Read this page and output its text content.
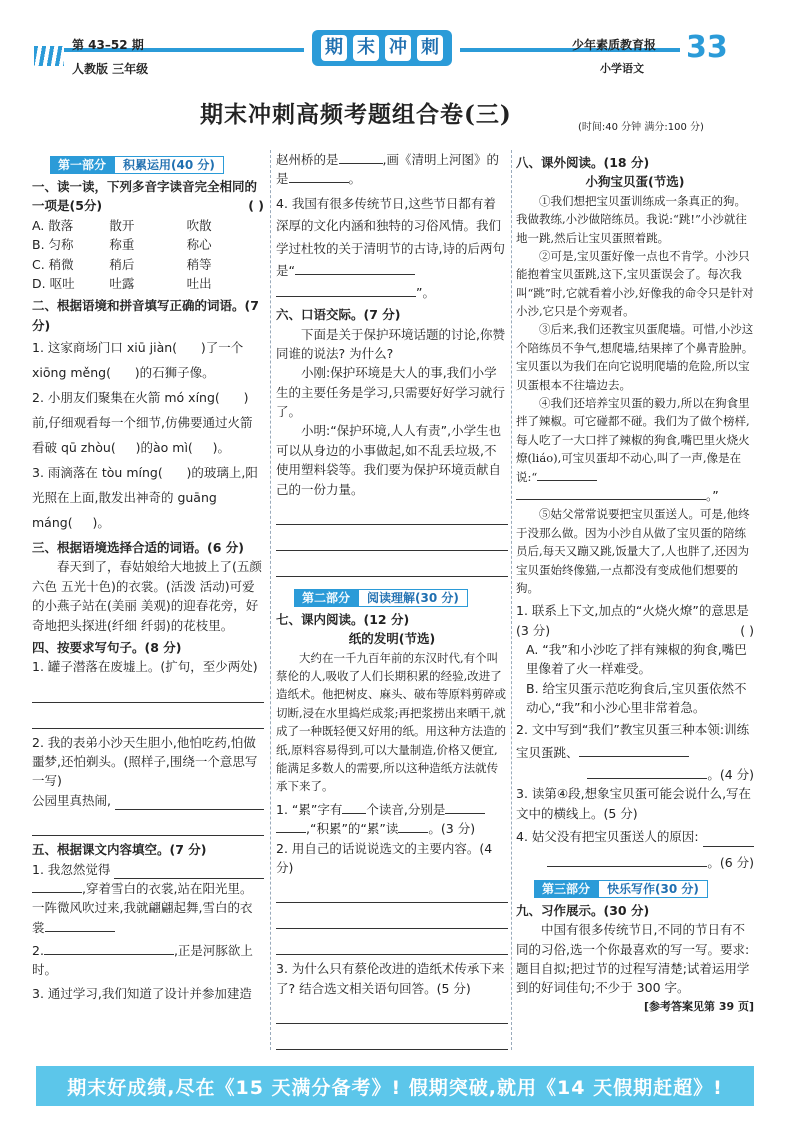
第 43–52 期
人教版 三年级
期 末 冲 刺	少年素质教育报
小学语文
33
期末冲刺高频考题组合卷(三)	(时间:40 分钟 满分:100 分)
第一部分	积累运用(40 分)
一、读一读，下列多音字读音完全相同的一项是(5分)	( )
A. 散落	散开	吹散
B. 匀称	称重	称心
C. 稍微	稍后	稍等
D. 呕吐	吐露	吐出
二、根据语境和拼音填写正确的词语。(7 分)
1. 这家商场门口 xiū jiàn( )了一个 xiōng měng( )的石狮子像。
2. 小朋友们聚集在火箭 mó xíng( )前,仔细观看每一个细节,仿佛要通过火箭 看破 qū zhòu( )的ào mì( )。
3. 雨滴落在 tòu míng( )的玻璃上,阳光照在上面,散发出神奇的 guāng máng( )。
三、根据语境选择合适的词语。(6 分)
春天到了，春姑娘给大地披上了(五颜六色 五光十色)的衣裳。(活泼 活动)可爱的小燕子站在(美丽 美观)的迎春花旁，好奇地把头探进(纤细 纤弱)的花枝里。
四、按要求写句子。(8 分)
1. 罐子潜落在废墟上。(扩句，至少两处)
2. 我的表弟小沙天生胆小,他怕吃药,怕做噩梦,还怕剃头。(照样子,围绕一个意思写一写)
公园里真热闹,
五、根据课文内容填空。(7 分)
1. 我忽然觉得
,穿着雪白的衣裳,站在阳光里。一阵微风吹过来,我就翩翩起舞,雪白的衣裳
2.	,正是河豚欲上时。
3. 通过学习,我们知道了设计并参加建造
赵州桥的是	,画《清明上河图》的是	。
4. 我国有很多传统节日,这些节日都有着深厚的文化内涵和独特的习俗风情。我们学过杜牧的关于清明节的古诗,诗的后两句是“
”。
六、口语交际。(7 分)
下面是关于保护环境话题的讨论,你赞同谁的说法? 为什么?
小刚:保护环境是大人的事,我们小学生的主要任务是学习,只需要好好学习就行了。
小明:“保护环境,人人有责”,小学生也可以从身边的小事做起,如不乱丢垃圾,不使用塑料袋等。我们要为保护环境贡献自己的一份力量。
第二部分	阅读理解(30 分)
七、课内阅读。(12 分)
纸的发明(节选)
大约在一千九百年前的东汉时代,有个叫蔡伦的人,吸收了人们长期积累的经验,改进了造纸术。他把树皮、麻头、破布等原料剪碎或切断,浸在水里捣烂成浆;再把浆捞出来晒干,就成了一种既轻便又好用的纸。用这种方法造的纸,原料容易得到,可以大量制造,价格又便宜,能满足多数人的需要,所以这种造纸方法就传承下来了。
1. “累”字有 个读音,分别是
,“积累”的“累”读 。(3 分)
2. 用自己的话说说选文的主要内容。(4 分)
3. 为什么只有蔡伦改进的造纸术传承下来了? 结合选文相关语句回答。(5 分)
八、课外阅读。(18 分)
小狗宝贝蛋(节选)
①我们想把宝贝蛋训练成一条真正的狗。我做教练,小沙做陪练员。我说:“跳!”小沙就往地一跳,然后让宝贝蛋照着跳。
②可是,宝贝蛋好像一点也不肯学。小沙只能抱着宝贝蛋跳,这下,宝贝蛋误会了。每次我叫“跳”时,它就看着小沙,好像我的命令只是针对小沙,它只是个旁观者。
③后来,我们还教宝贝蛋爬墙。可惜,小沙这个陪练员不争气,想爬墙,结果摔了个鼻青脸肿。宝贝蛋以为我们在向它说明爬墙的危险,所以宝贝蛋根本不往墙边去。
④我们还培养宝贝蛋的毅力,所以在狗食里拌了辣椒。可它碰都不碰。我们为了做个榜样,每人吃了一大口拌了辣椒的狗食,嘴巴里火烧火燎(liáo),可宝贝蛋却不动心,叫了一声,像是在说:“
。”
⑤姑父常常说要把宝贝蛋送人。可是,他终于没那么做。因为小沙自从做了宝贝蛋的陪练员后,每天又蹦又跳,饭量大了,人也胖了,还因为宝贝蛋始终像猫,一点都没有变成他们想要的狗。
1. 联系上下文,加点的“火烧火燎”的意思是(3 分)	( )
A. “我”和小沙吃了拌有辣椒的狗食,嘴巴里像着了火一样难受。
B. 给宝贝蛋示范吃狗食后,宝贝蛋依然不动心,“我”和小沙心里非常着急。
2. 文中写到“我们”教宝贝蛋三种本领:训练宝贝蛋跳、
。(4 分)
3. 读第④段,想象宝贝蛋可能会说什么,写在文中的横线上。(5 分)
4. 姑父没有把宝贝蛋送人的原因:
。(6 分)
第三部分	快乐写作(30 分)
九、习作展示。(30 分)
中国有很多传统节日,不同的节日有不同的习俗,选一个你最喜欢的写一写。要求:题目自拟;把过节的过程写清楚;试着运用学到的好词佳句;不少于 300 字。
[参考答案见第 39 页]
期末好成绩,尽在《15 天满分备考》! 假期突破,就用《14 天假期赶超》!
